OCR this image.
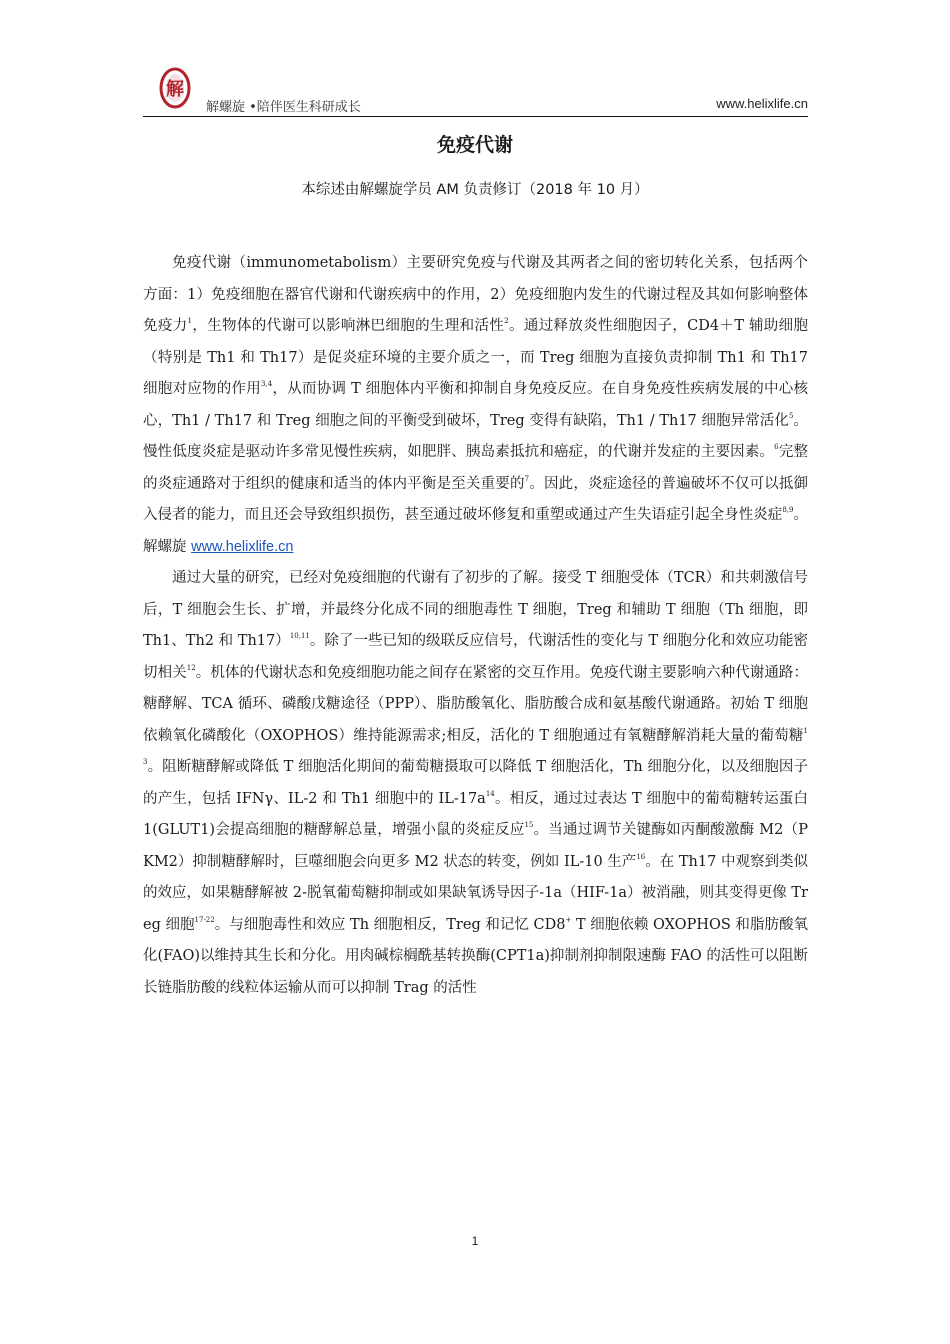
解
解螺旋 •陪伴医生科研成长	www.helixlife.cn
免疫代谢
本综述由解螺旋学员 AM 负责修订（2018 年 10 月）

免疫代谢（immunometabolism）主要研究免疫与代谢及其两者之间的密切转化关系，包括两个方面：1）免疫细胞在器官代谢和代谢疾病中的作用，2）免疫细胞内发生的代谢过程及其如何影响整体免疫力$^1$，生物体的代谢可以影响淋巴细胞的生理和活性$^2$。通过释放炎性细胞因子，CD4＋T 辅助细胞（特别是 Th1 和 Th17）是促炎症环境的主要介质之一，而 Treg 细胞为直接负责抑制 Th1 和 Th17 细胞对应物的作用$^{3,4}$，从而协调 T 细胞体内平衡和抑制自身免疫反应。在自身免疫性疾病发展的中心核心，Th1 / Th17 和 Treg 细胞之间的平衡受到破坏，Treg 变得有缺陷，Th1 / Th17 细胞异常活化$^5$。慢性低度炎症是驱动许多常见慢性疾病，如肥胖、胰岛素抵抗和癌症，的代谢并发症的主要因素。$^6$完整的炎症通路对于组织的健康和适当的体内平衡是至关重要的$^7$。因此，炎症途径的普遍破坏不仅可以抵御入侵者的能力，而且还会导致组织损伤，甚至通过破坏修复和重塑或通过产生失语症引起全身性炎症$^{8,9}$。解螺旋 www.helixlife.cn

通过大量的研究，已经对免疫细胞的代谢有了初步的了解。接受 T 细胞受体（TCR）和共刺激信号后，T 细胞会生长、扩增，并最终分化成不同的细胞毒性 T 细胞，Treg 和辅助 T 细胞（Th 细胞，即 Th1、Th2 和 Th17）$^{10,11}$。除了一些已知的级联反应信号，代谢活性的变化与 T 细胞分化和效应功能密切相关$^{12}$。机体的代谢状态和免疫细胞功能之间存在紧密的交互作用。免疫代谢主要影响六种代谢通路：糖酵解、TCA 循环、磷酸戊糖途径（PPP）、脂肪酸氧化、脂肪酸合成和氨基酸代谢通路。初始 T 细胞依赖氧化磷酸化（OXOPHOS）维持能源需求;相反，活化的 T 细胞通过有氧糖酵解消耗大量的葡萄糖$^{13}$。阻断糖酵解或降低 T 细胞活化期间的葡萄糖摄取可以降低 T 细胞活化，Th 细胞分化，以及细胞因子的产生，包括 IFNγ、IL-2 和 Th1 细胞中的 $IL-17a^{14}$。相反，通过过表达 T 细胞中的葡萄糖转运蛋白 1(GLUT1)会提高细胞的糖酵解总量，增强小鼠的炎症反应$^{15}$。当通过调节关键酶如丙酮酸激酶 M2（PKM2）抑制糖酵解时，巨噬细胞会向更多 M2 状态的转变，例如 IL-10 生产$^{16}$。在 Th17 中观察到类似的效应，如果糖酵解被 2-脱氧葡萄糖抑制或如果缺氧诱导因子-1a（HIF-1a）被消融，则其变得更像 Treg 细胞$^{17-22}$。与细胞毒性和效应 Th 细胞相反，Treg 和记忆 CD8+ T 细胞依赖 OXOPHOS 和脂肪酸氧化(FAO)以维持其生长和分化。用肉碱棕榈酰基转换酶(CPT1a)抑制剂抑制限速酶 FAO 的活性可以阻断长链脂肪酸的线粒体运输从而可以抑制 Trag 的活性

1
